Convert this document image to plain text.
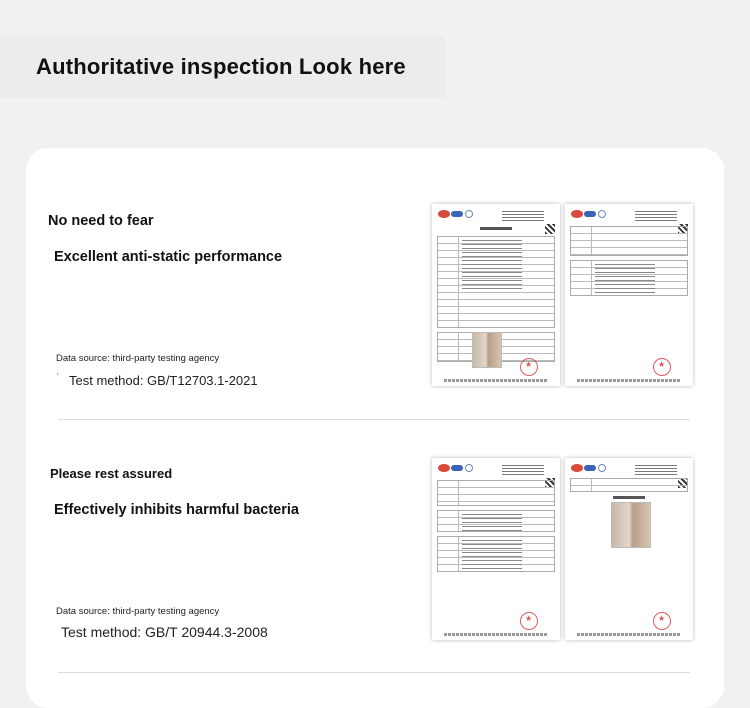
Authoritative inspection Look here
No need to fear
Excellent anti-static performance
Data source: third-party testing agency
' Test method: GB/T12703.1-2021
★
★
Please rest assured
Effectively inhibits harmful bacteria
Data source: third-party testing agency
Test method: GB/T 20944.3-2008
★
★
